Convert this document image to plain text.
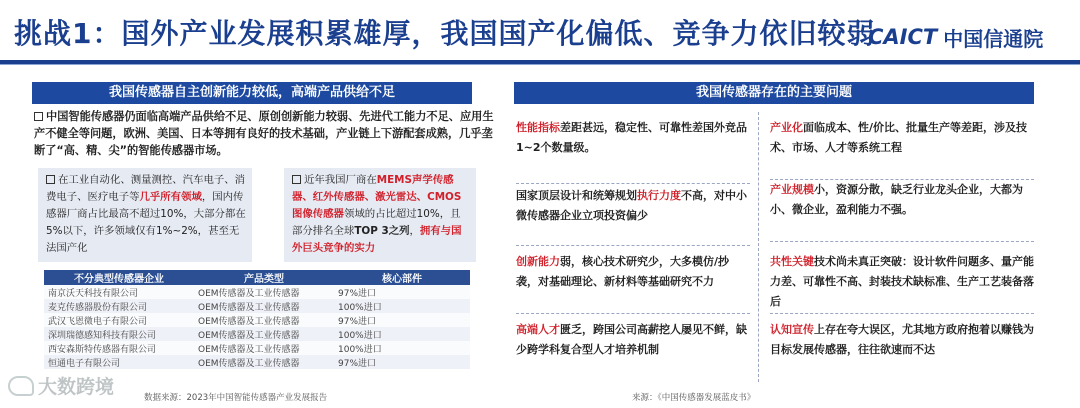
挑战1：国外产业发展积累雄厚，我国国产化偏低、竞争力依旧较弱
CAICT 中国信通院
我国传感器自主创新能力较低，高端产品供给不足
中国智能传感器仍面临高端产品供给不足、原创创新能力较弱、先进代工能力不足、应用生产不健全等问题，欧洲、美国、日本等拥有良好的技术基础，产业链上下游配套成熟，几乎垄断了“高、精、尖”的智能传感器市场。
在工业自动化、测量测控、汽车电子、消费电子、医疗电子等几乎所有领域，国内传感器厂商占比最高不超过10%，大部分都在5%以下，许多领域仅有1%~2%，甚至无法国产化
近年我国厂商在MEMS声学传感器、红外传感器、激光雷达、CMOS图像传感器领域的占比超过10%，且部分排名全球TOP 3之列，拥有与国外巨头竞争的实力
不分典型传感器企业	产品类型	核心部件
南京沃天科技有限公司	OEM传感器及工业传感器	97%进口
麦克传感器股份有限公司	OEM传感器及工业传感器	100%进口
武汉飞恩微电子有限公司	OEM传感器及工业传感器	97%进口
深圳瑞德感知科技有限公司	OEM传感器及工业传感器	100%进口
西安森斯特传感器有限公司	OEM传感器及工业传感器	100%进口
恒通电子有限公司	OEM传感器及工业传感器	97%进口
数据来源：2023年中国智能传感器产业发展报告
大数跨境
我国传感器存在的主要问题
性能指标差距甚远，稳定性、可靠性差国外竞品1~2个数量级。
国家顶层设计和统筹规划执行力度不高，对中小微传感器企业立项投资偏少
创新能力弱，核心技术研究少，大多模仿/抄袭，对基础理论、新材料等基础研究不力
高端人才匮乏，跨国公司高薪挖人屡见不鲜，缺少跨学科复合型人才培养机制
产业化面临成本、性/价比、批量生产等差距，涉及技术、市场、人才等系统工程
产业规模小，资源分散，缺乏行业龙头企业，大都为小、微企业，盈利能力不强。
共性关键技术尚未真正突破：设计软件问题多、量产能力差、可靠性不高、封装技术缺标准、生产工艺装备落后
认知宣传上存在夸大误区，尤其地方政府抱着以赚钱为目标发展传感器，往往欲速而不达
来源：《中国传感器发展蓝皮书》
